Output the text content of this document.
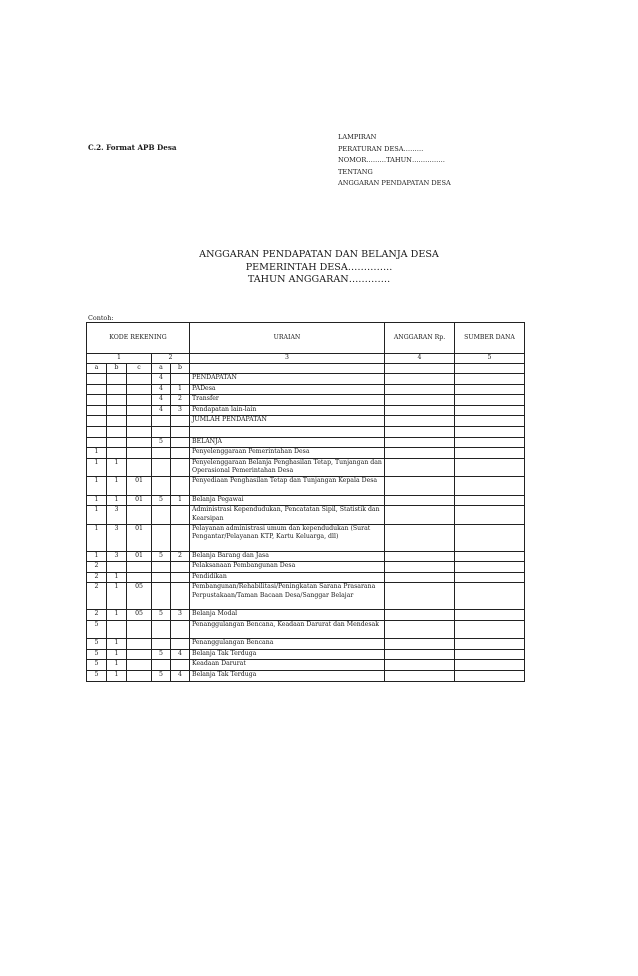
C.2. Format APB Desa
LAMPIRAN
PERATURAN DESA………
NOMOR………TAHUN……………
TENTANG
ANGGARAN PENDAPATAN DESA
ANGGARAN PENDAPATAN DAN BELANJA DESA
PEMERINTAH DESA…………..
TAHUN ANGGARAN………….
Contoh:
KODE REKENING					URAIAN	ANGGARAN Rp.	SUMBER DANA
1			2		3	4	5
a	b	c	a	b			
			4		PENDAPATAN		
			4	1	PADesa		
			4	2	Transfer		
			4	3	Pendapatan lain-lain		
					JUMLAH PENDAPATAN		

			5		BELANJA		
1					Penyelenggaraan Pemerintahan Desa		
1	1				Penyelenggaraan Belanja Penghasilan Tetap, Tunjangan dan Operasional Pemerintahan Desa		
1	1	01			Penyediaan Penghasilan Tetap dan Tunjangan Kepala Desa		
1	1	01	5	1	Belanja Pegawai		
1	3				Administrasi Kependudukan, Pencatatan Sipil, Statistik dan Kearsipan		
1	3	01			Pelayanan administrasi umum dan kependudukan (Surat Pengantar/Pelayanan KTP, Kartu Keluarga, dll)		
1	3	01	5	2	Belanja Barang dan Jasa		
2					Pelaksanaan Pembangunan Desa		
2	1				Pendidikan		
2	1	05			Pembangunan/Rehabilitasi/Peningkatan Sarana Prasarana Perpustakaan/Taman Bacaan Desa/Sanggar Belajar		
2	1	05	5	3	Belanja Modal		
5					Penanggulangan Bencana, Keadaan Darurat dan Mendesak		
5	1				Penanggulangan Bencana		
5	1		5	4	Belanja Tak Terduga		
5	1				Keadaan Darurat		
5	1		5	4	Belanja Tak Terduga		
